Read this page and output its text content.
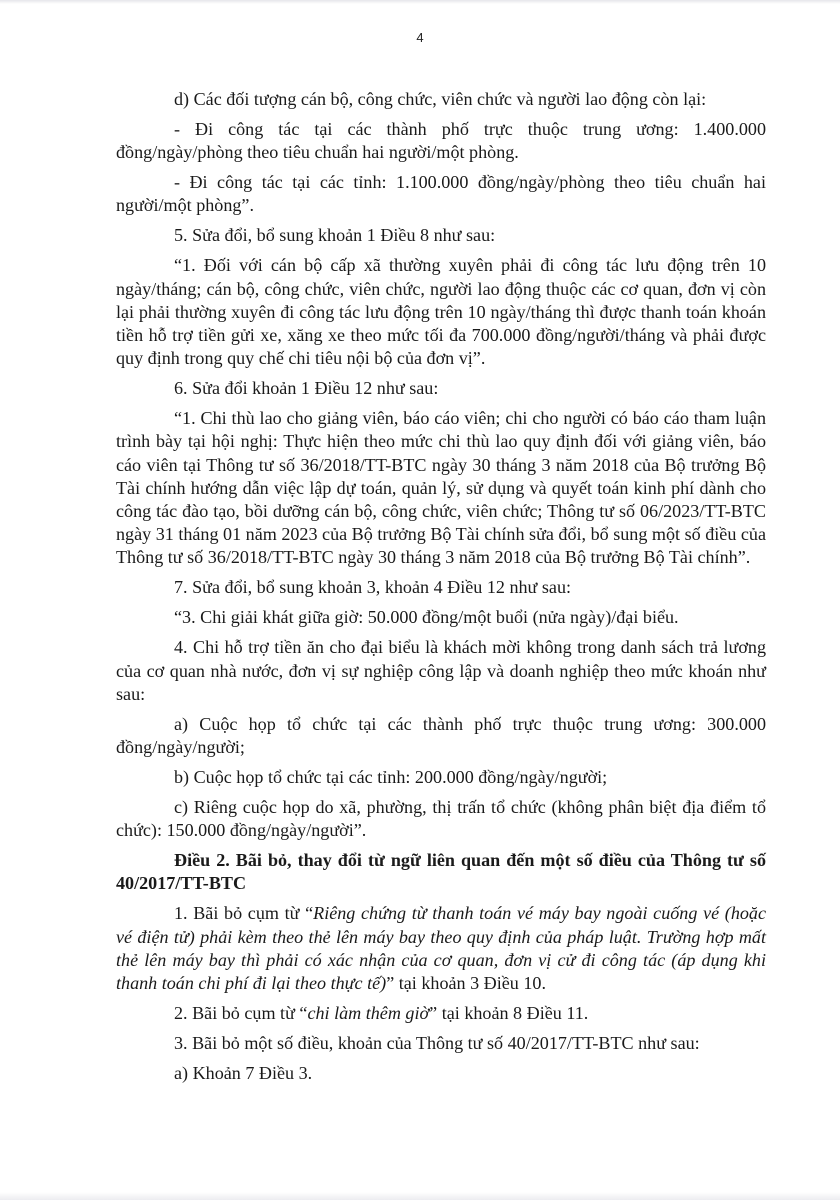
4

d) Các đối tượng cán bộ, công chức, viên chức và người lao động còn lại:

- Đi công tác tại các thành phố trực thuộc trung ương: 1.400.000 đồng/ngày/phòng theo tiêu chuẩn hai người/một phòng.

- Đi công tác tại các tỉnh: 1.100.000 đồng/ngày/phòng theo tiêu chuẩn hai người/một phòng”.

5. Sửa đổi, bổ sung khoản 1 Điều 8 như sau:

“1. Đối với cán bộ cấp xã thường xuyên phải đi công tác lưu động trên 10 ngày/tháng; cán bộ, công chức, viên chức, người lao động thuộc các cơ quan, đơn vị còn lại phải thường xuyên đi công tác lưu động trên 10 ngày/tháng thì được thanh toán khoán tiền hỗ trợ tiền gửi xe, xăng xe theo mức tối đa 700.000 đồng/người/tháng và phải được quy định trong quy chế chi tiêu nội bộ của đơn vị”.

6. Sửa đổi khoản 1 Điều 12 như sau:

“1. Chi thù lao cho giảng viên, báo cáo viên; chi cho người có báo cáo tham luận trình bày tại hội nghị: Thực hiện theo mức chi thù lao quy định đối với giảng viên, báo cáo viên tại Thông tư số 36/2018/TT-BTC ngày 30 tháng 3 năm 2018 của Bộ trưởng Bộ Tài chính hướng dẫn việc lập dự toán, quản lý, sử dụng và quyết toán kinh phí dành cho công tác đào tạo, bồi dưỡng cán bộ, công chức, viên chức; Thông tư số 06/2023/TT-BTC ngày 31 tháng 01 năm 2023 của Bộ trưởng Bộ Tài chính sửa đổi, bổ sung một số điều của Thông tư số 36/2018/TT-BTC ngày 30 tháng 3 năm 2018 của Bộ trưởng Bộ Tài chính”.

7. Sửa đổi, bổ sung khoản 3, khoản 4 Điều 12 như sau:

“3. Chi giải khát giữa giờ: 50.000 đồng/một buổi (nửa ngày)/đại biểu.

4. Chi hỗ trợ tiền ăn cho đại biểu là khách mời không trong danh sách trả lương của cơ quan nhà nước, đơn vị sự nghiệp công lập và doanh nghiệp theo mức khoán như sau:

a) Cuộc họp tổ chức tại các thành phố trực thuộc trung ương: 300.000 đồng/ngày/người;

b) Cuộc họp tổ chức tại các tỉnh: 200.000 đồng/ngày/người;

c) Riêng cuộc họp do xã, phường, thị trấn tổ chức (không phân biệt địa điểm tổ chức): 150.000 đồng/ngày/người”.

Điều 2. Bãi bỏ, thay đổi từ ngữ liên quan đến một số điều của Thông tư số 40/2017/TT-BTC

1. Bãi bỏ cụm từ “Riêng chứng từ thanh toán vé máy bay ngoài cuống vé (hoặc vé điện tử) phải kèm theo thẻ lên máy bay theo quy định của pháp luật. Trường hợp mất thẻ lên máy bay thì phải có xác nhận của cơ quan, đơn vị cử đi công tác (áp dụng khi thanh toán chi phí đi lại theo thực tế)” tại khoản 3 Điều 10.

2. Bãi bỏ cụm từ “chi làm thêm giờ” tại khoản 8 Điều 11.

3. Bãi bỏ một số điều, khoản của Thông tư số 40/2017/TT-BTC như sau:

a) Khoản 7 Điều 3.
